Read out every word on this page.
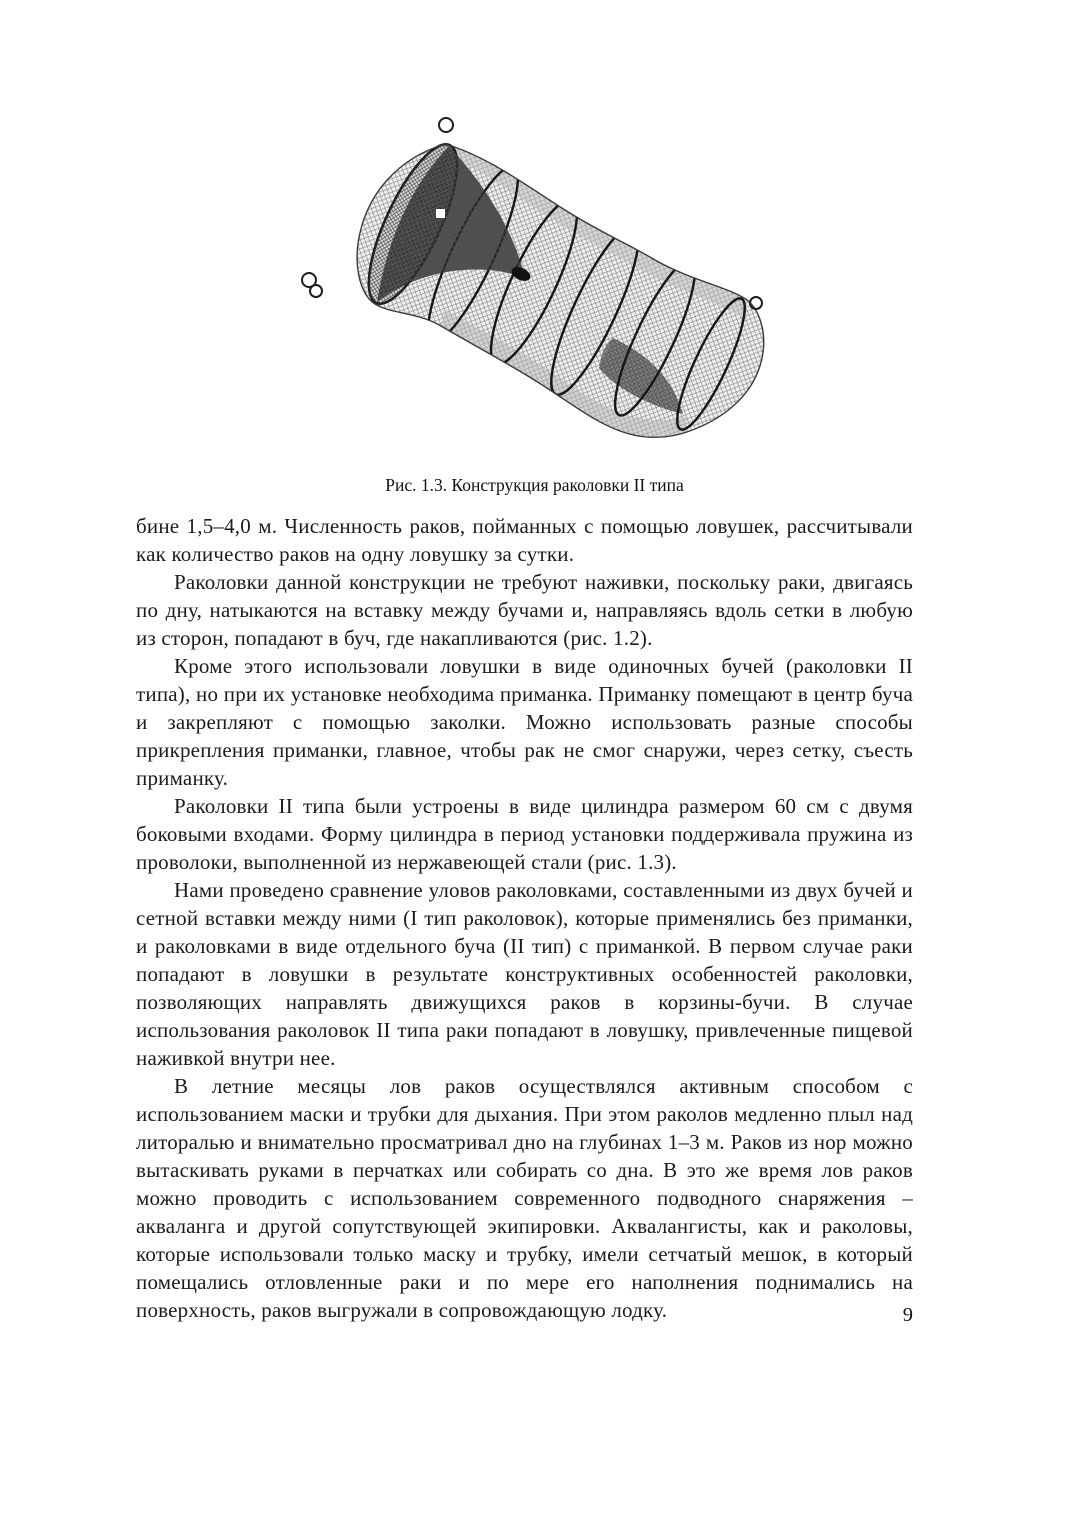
Рис. 1.3. Конструкция раколовки II типа

бине 1,5–4,0 м. Численность раков, пойманных с помощью ловушек, рассчитывали как количество раков на одну ловушку за сутки.

Раколовки данной конструкции не требуют наживки, поскольку раки, двигаясь по дну, натыкаются на вставку между бучами и, направляясь вдоль сетки в любую из сторон, попадают в буч, где накапливаются (рис. 1.2).

Кроме этого использовали ловушки в виде одиночных бучей (раколовки II типа), но при их установке необходима приманка. Приманку помещают в центр буча и закрепляют с помощью заколки. Можно использовать разные способы прикрепления приманки, главное, чтобы рак не смог снаружи, через сетку, съесть приманку.

Раколовки II типа были устроены в виде цилиндра размером 60 см с двумя боковыми входами. Форму цилиндра в период установки поддерживала пружина из проволоки, выполненной из нержавеющей стали (рис. 1.3).

Нами проведено сравнение уловов раколовками, составленными из двух бучей и сетной вставки между ними (I тип раколовок), которые применялись без приманки, и раколовками в виде отдельного буча (II тип) с приманкой. В первом случае раки попадают в ловушки в результате конструктивных особенностей раколовки, позволяющих направлять движущихся раков в корзины-бучи. В случае использования раколовок II типа раки попадают в ловушку, привлеченные пищевой наживкой внутри нее.

В летние месяцы лов раков осуществлялся активным способом с использованием маски и трубки для дыхания. При этом раколов медленно плыл над литоралью и внимательно просматривал дно на глубинах 1–3 м. Раков из нор можно вытаскивать руками в перчатках или собирать со дна. В это же время лов раков можно проводить с использованием современного подводного снаряжения – акваланга и другой сопутствующей экипировки. Аквалангисты, как и раколовы, которые использовали только маску и трубку, имели сетчатый мешок, в который помещались отловленные раки и по мере его наполнения поднимались на поверхность, раков выгружали в сопровождающую лодку.	9
